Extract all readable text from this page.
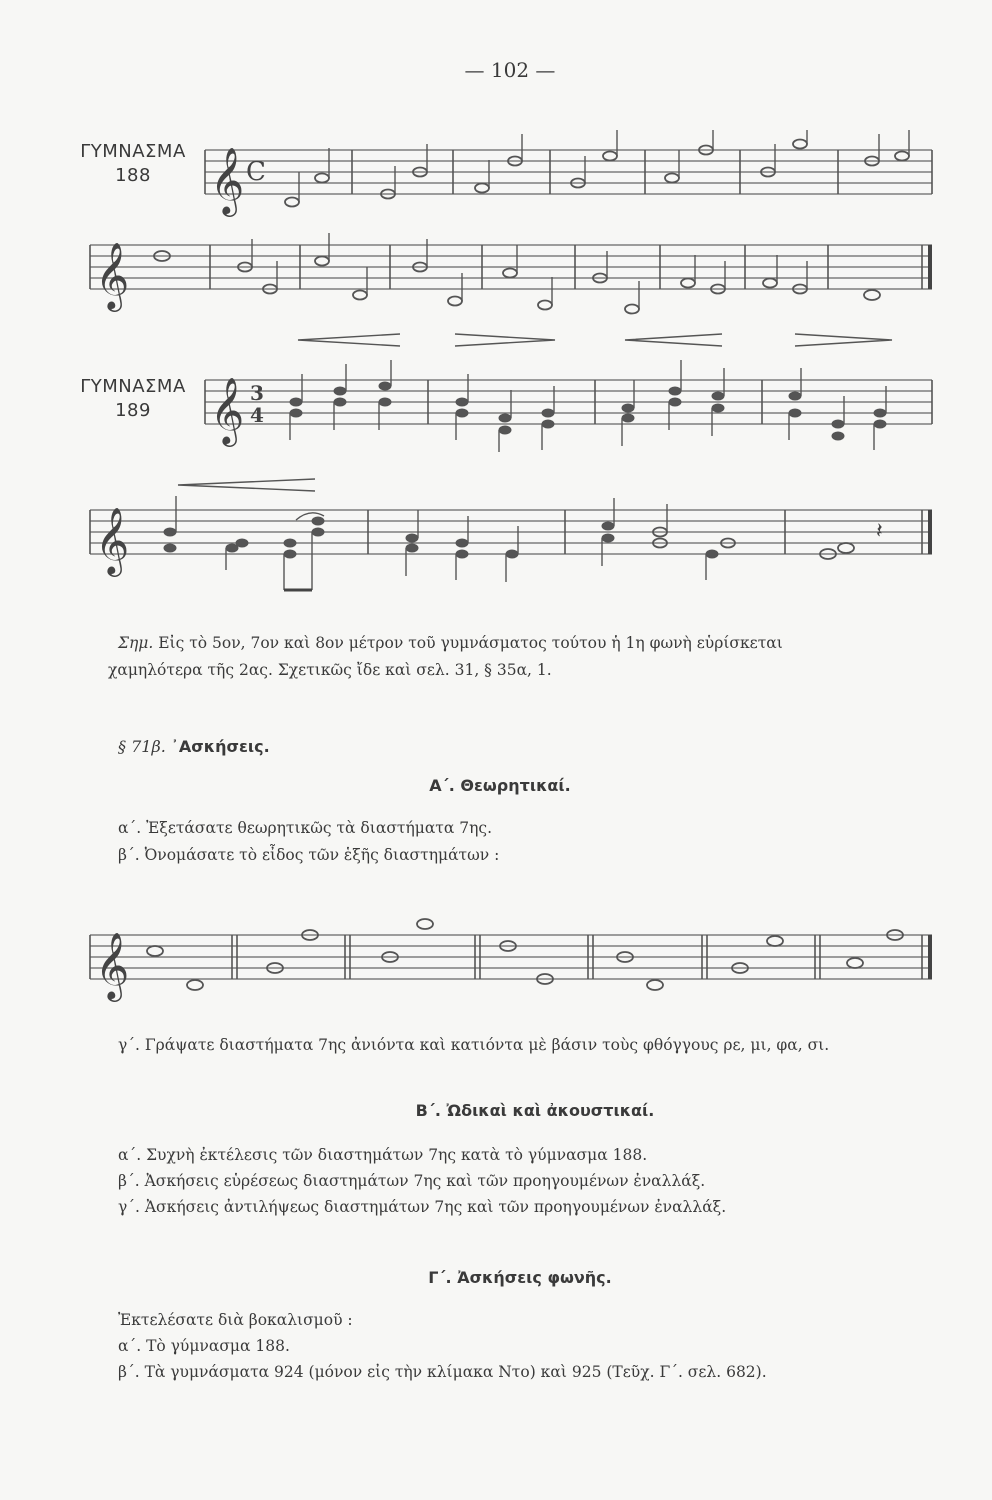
— 102 —
ΓΥΜΝΑΣΜΑ
188	𝄞 C
𝄞
ΓΥΜΝΑΣΜΑ
189	𝄞 3
4
𝄞	𝄽
Σημ. Εἰς τὸ 5ον, 7ον καὶ 8ον μέτρον τοῦ γυμνάσματος τούτου ἡ 1η φωνὴ εὑρίσκεται
χαμηλότερα τῆς 2ας. Σχετικῶς ἴδε καὶ σελ. 31, § 35α, 1.
§ 71β. ᾿Ασκήσεις.
Α΄. Θεωρητικαί.
α΄. Ἐξετάσατε θεωρητικῶς τὰ διαστήματα 7ης.
β΄. Ὀνομάσατε τὸ εἶδος τῶν ἑξῆς διαστημάτων :
𝄞
γ΄. Γράψατε διαστήματα 7ης ἀνιόντα καὶ κατιόντα μὲ βάσιν τοὺς φθόγγους ρε, μι, φα, σι.
Β΄. Ὠδικαὶ καὶ ἀκουστικαί.
α΄. Συχνὴ ἐκτέλεσις τῶν διαστημάτων 7ης κατὰ τὸ γύμνασμα 188.
β΄. Ἀσκήσεις εὑρέσεως διαστημάτων 7ης καὶ τῶν προηγουμένων ἐναλλάξ.
γ΄. Ἀσκήσεις ἀντιλήψεως διαστημάτων 7ης καὶ τῶν προηγουμένων ἐναλλάξ.
Γ΄. Ἀσκήσεις φωνῆς.
Ἐκτελέσατε διὰ βοκαλισμοῦ :
α΄. Τὸ γύμνασμα 188.
β΄. Τὰ γυμνάσματα 924 (μόνον εἰς τὴν κλίμακα Ντο) καὶ 925 (Τεῦχ. Γ΄. σελ. 682).
